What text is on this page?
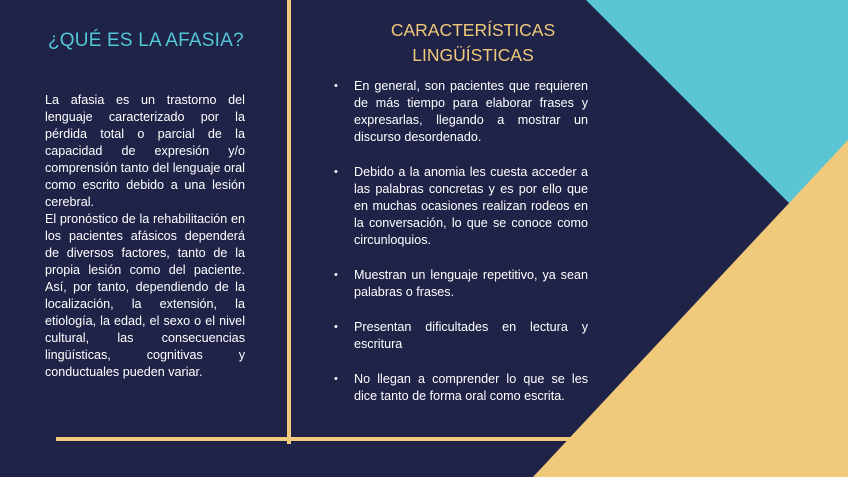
¿QUÉ ES LA AFASIA?

La afasia es un trastorno del lenguaje caracterizado por la pérdida total o parcial de la capacidad de expresión y/o comprensión tanto del lenguaje oral como escrito debido a una lesión cerebral.

El pronóstico de la rehabilitación en los pacientes afásicos dependerá de diversos factores, tanto de la propia lesión como del paciente. Así, por tanto, dependiendo de la localización, la extensión, la etiología, la edad, el sexo o el nivel cultural, las consecuencias lingüísticas, cognitivas y conductuales pueden variar.

CARACTERÍSTICAS
LINGÜÍSTICAS
• En general, son pacientes que requieren de más tiempo para elaborar frases y expresarlas, llegando a mostrar un discurso desordenado.
• Debido a la anomia les cuesta acceder a las palabras concretas y es por ello que en muchas ocasiones realizan rodeos en la conversación, lo que se conoce como circunloquios.
• Muestran un lenguaje repetitivo, ya sean palabras o frases.
• Presentan dificultades en lectura y escritura
• No llegan a comprender lo que se les dice tanto de forma oral como escrita.
